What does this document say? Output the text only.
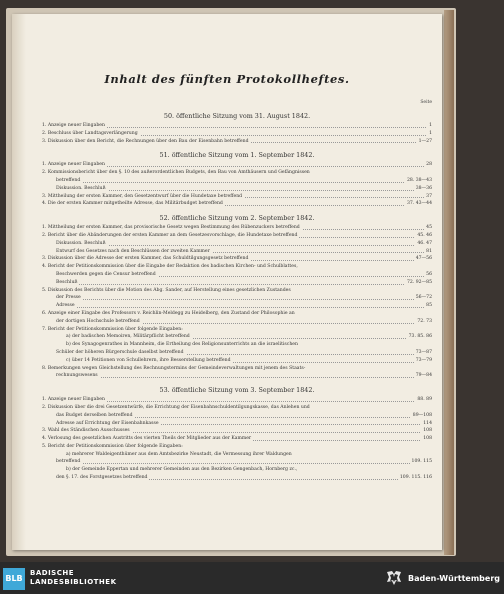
Inhalt des fünften Protokollheftes.
Seite
50. öffentliche Sitzung vom 31. August 1842.
1. Anzeige neuer Eingaben	1
2. Beschluss über Landtagsverlängerung	1
3. Diskussion über den Bericht, die Rechnungen über den Bau der Eisenbahn betreffend	1—27
51. öffentliche Sitzung vom 1. September 1842.
1. Anzeige neuer Eingaben	28
2. Kommissionsbericht über den §. 10 des außerordentlichen Budgets, den Bau von Amthäusern und Gefängnissen
betreffend	28. 38—43
Diskussion. Beschluß	38—36
3. Mittheilung der ersten Kammer, den Gesetzentwurf über die Hundetaxe betreffend	37
4. Die der ersten Kammer mitgetheilte Adresse, das Militärbudget betreffend	37. 43—44
52. öffentliche Sitzung vom 2. September 1842.
1. Mittheilung der ersten Kammer, das provisorische Gesetz wegen Bestimmung des Rübenzuckers betreffend	45
2. Bericht über die Abänderungen der ersten Kammer an dem Gesetzesvorschlage, die Hundetaxe betreffend	45. 46
Diskussion. Beschluß	46. 47
Entwurf des Gesetzes nach den Beschlüssen der zweiten Kammer	81
3. Diskussion über die Adresse der ersten Kammer, das Schuldtilgungsgesetz betreffend	47—56
4. Bericht der Petitionskommission über die Eingabe der Redaktion des badischen Kirchen- und Schulblattes,
Beschwerden gegen die Censur betreffend	56
Beschluß	72. 92—85
5. Diskussion des Berichts über die Motion des Abg. Sander, auf Herstellung eines gesetzlichen Zustandes
der Presse	56—72
Adresse	85
6. Anzeige einer Eingabe des Professors v. Reichlin-Meldegg zu Heidelberg, den Zustand der Philosophie an
der dortigen Hochschule betreffend	72. 73
7. Bericht der Petitionskommission über folgende Eingaben:
a) der badischen Memoiren, Militärpflicht betreffend	73. 85. 86
b) des Synagogenrathes in Mannheim, die Ertheilung des Religionsunterrichts an die israelitischen
Schüler der höheren Bürgerschule daselbst betreffend	73—87
c) über 14 Petitionen von Schullehrern, ihre Besserstellung betreffend	73—79
8. Bemerkungen wegen Gleichstellung des Rechnungstermins der Gemeindeverwaltungen mit jenem des Staats-
rechnungswesens	79—84
53. öffentliche Sitzung vom 3. September 1842.
1. Anzeige neuer Eingaben	88. 89
2. Diskussion über die drei Gesetzentwürfe, die Errichtung der Eisenbahnschuldentilgungskasse, das Anlehen und
das Budget derselben betreffend	89—108
Adresse auf Errichtung der Eisenbahnkasse	114
3. Wahl des Ständischen Ausschusses	108
4. Verlosung des gesetzlichen Austritts des vierten Theils der Mitglieder aus der Kammer	108
5. Bericht der Petitionskommission über folgende Eingaben:
a) mehrerer Waldeigenthümer aus dem Amtsbezirke Neustadt, die Vermessung ihrer Waldungen
betreffend	109. 115
b) der Gemeinde Eppertan und mehrerer Gemeinden aus den Bezirken Gengenbach, Hornberg zc.,
den §. 17. des Forstgesetzes betreffend	109. 115. 116
BLB
BADISCHE
LANDESBIBLIOTHEK	Baden-Württemberg
